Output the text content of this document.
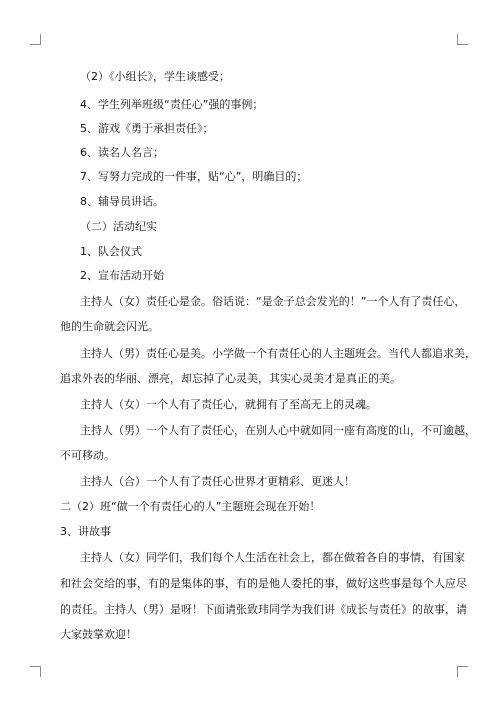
（2）《小组长》，学生谈感受；
4、学生列举班级“责任心”强的事例；
5、游戏《勇于承担责任》；
6、读名人名言；
7、写努力完成的一件事，贴“心”，明确目的；
8、辅导员讲话。
（二）活动纪实
1、队会仪式
2、宣布活动开始
主持人（女）责任心是金。俗话说：“是金子总会发光的！”一个人有了责任心，
他的生命就会闪光。
主持人（男）责任心是美。小学做一个有责任心的人主题班会。当代人都追求美，
追求外表的华丽、漂亮，却忘掉了心灵美，其实心灵美才是真正的美。
主持人（女）一个人有了责任心，就拥有了至高无上的灵魂。
主持人（男）一个人有了责任心，在别人心中就如同一座有高度的山，不可逾越，
不可移动。
主持人（合）一个人有了责任心世界才更精彩、更迷人！
二（2）班“做一个有责任心的人”主题班会现在开始！
3、讲故事
主持人（女）同学们，我们每个人生活在社会上，都在做着各自的事情，有国家
和社会交给的事，有的是集体的事，有的是他人委托的事，做好这些事是每个人应尽
的责任。主持人（男）是呀！下面请张致玮同学为我们讲《成长与责任》的故事，请
大家鼓掌欢迎！
